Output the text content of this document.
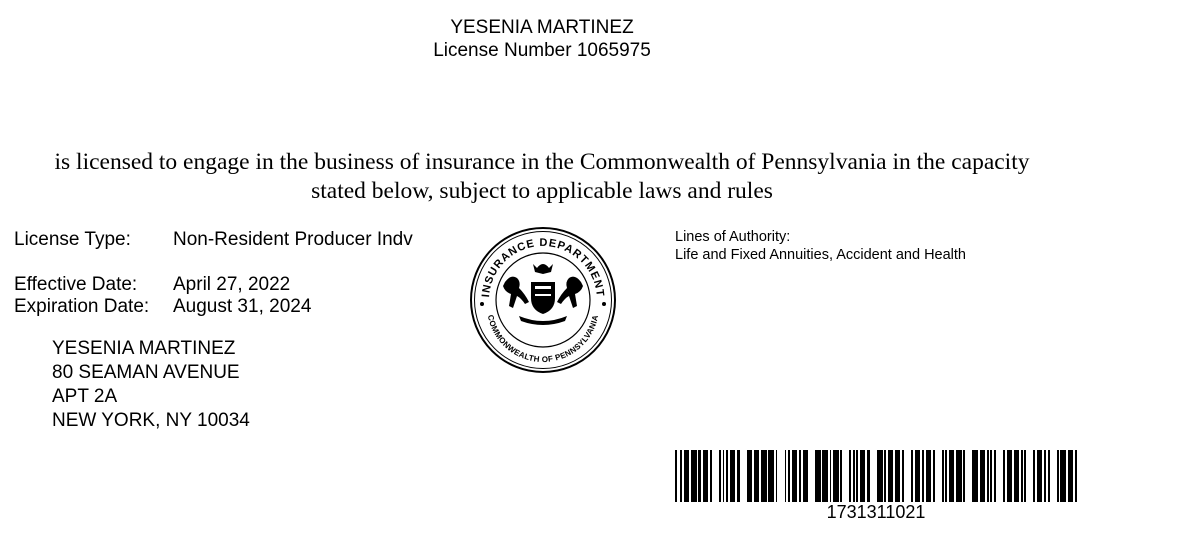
YESENIA MARTINEZ
License Number 1065975
is licensed to engage in the business of insurance in the Commonwealth of Pennsylvania in the capacity
stated below, subject to applicable laws and rules
License Type:	Non-Resident Producer Indv
Effective Date:	April 27, 2022
Expiration Date:	August 31, 2024
YESENIA MARTINEZ
80 SEAMAN AVENUE
APT 2A
NEW YORK, NY 10034
INSURANCE DEPARTMENT
COMMONWEALTH OF PENNSYLVANIA
Lines of Authority:
Life and Fixed Annuities, Accident and Health
1731311021
